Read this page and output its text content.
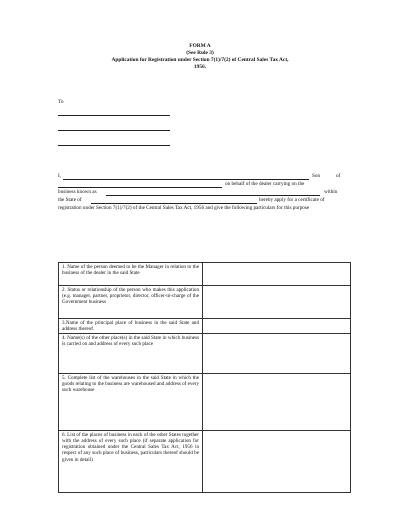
FORM A
(See Rule 3)
Application for Registration under Section 7(1)/7(2) of Central Sales Tax Act,
1956.
To
I,	Son	of
on behalf of the dealer carrying on the
business known as	within
the State of	hereby apply for a certificate of
registration under Section 7(1)/7(2) of the Central Sales Tax Act, 1956 and give the following particulars for this purpose
1. Name of the person deemed to be the Manager in relation to the business of the dealer in the said State	
2. Status or relationship of the person who makes this application (e.g. manager, partner, proprietor, director, officer-in-charge of the Government business	
3.Name of the principal place of business in the said State and address thereof.	
4. Name(s) of the other place(s) in the said State in which business is carried on and address of every such place	
5. Complete list of the warehouses in the said State in which the goods relating to the business are warehoused and address of every such warehouse	
6. List of the places of business in each of the other States together with the address of every such place (if separate application for registration obtained under the Central Sales Tax Act, 1956 in respect of any such place of business, particulars thereof should be given in detail)	
